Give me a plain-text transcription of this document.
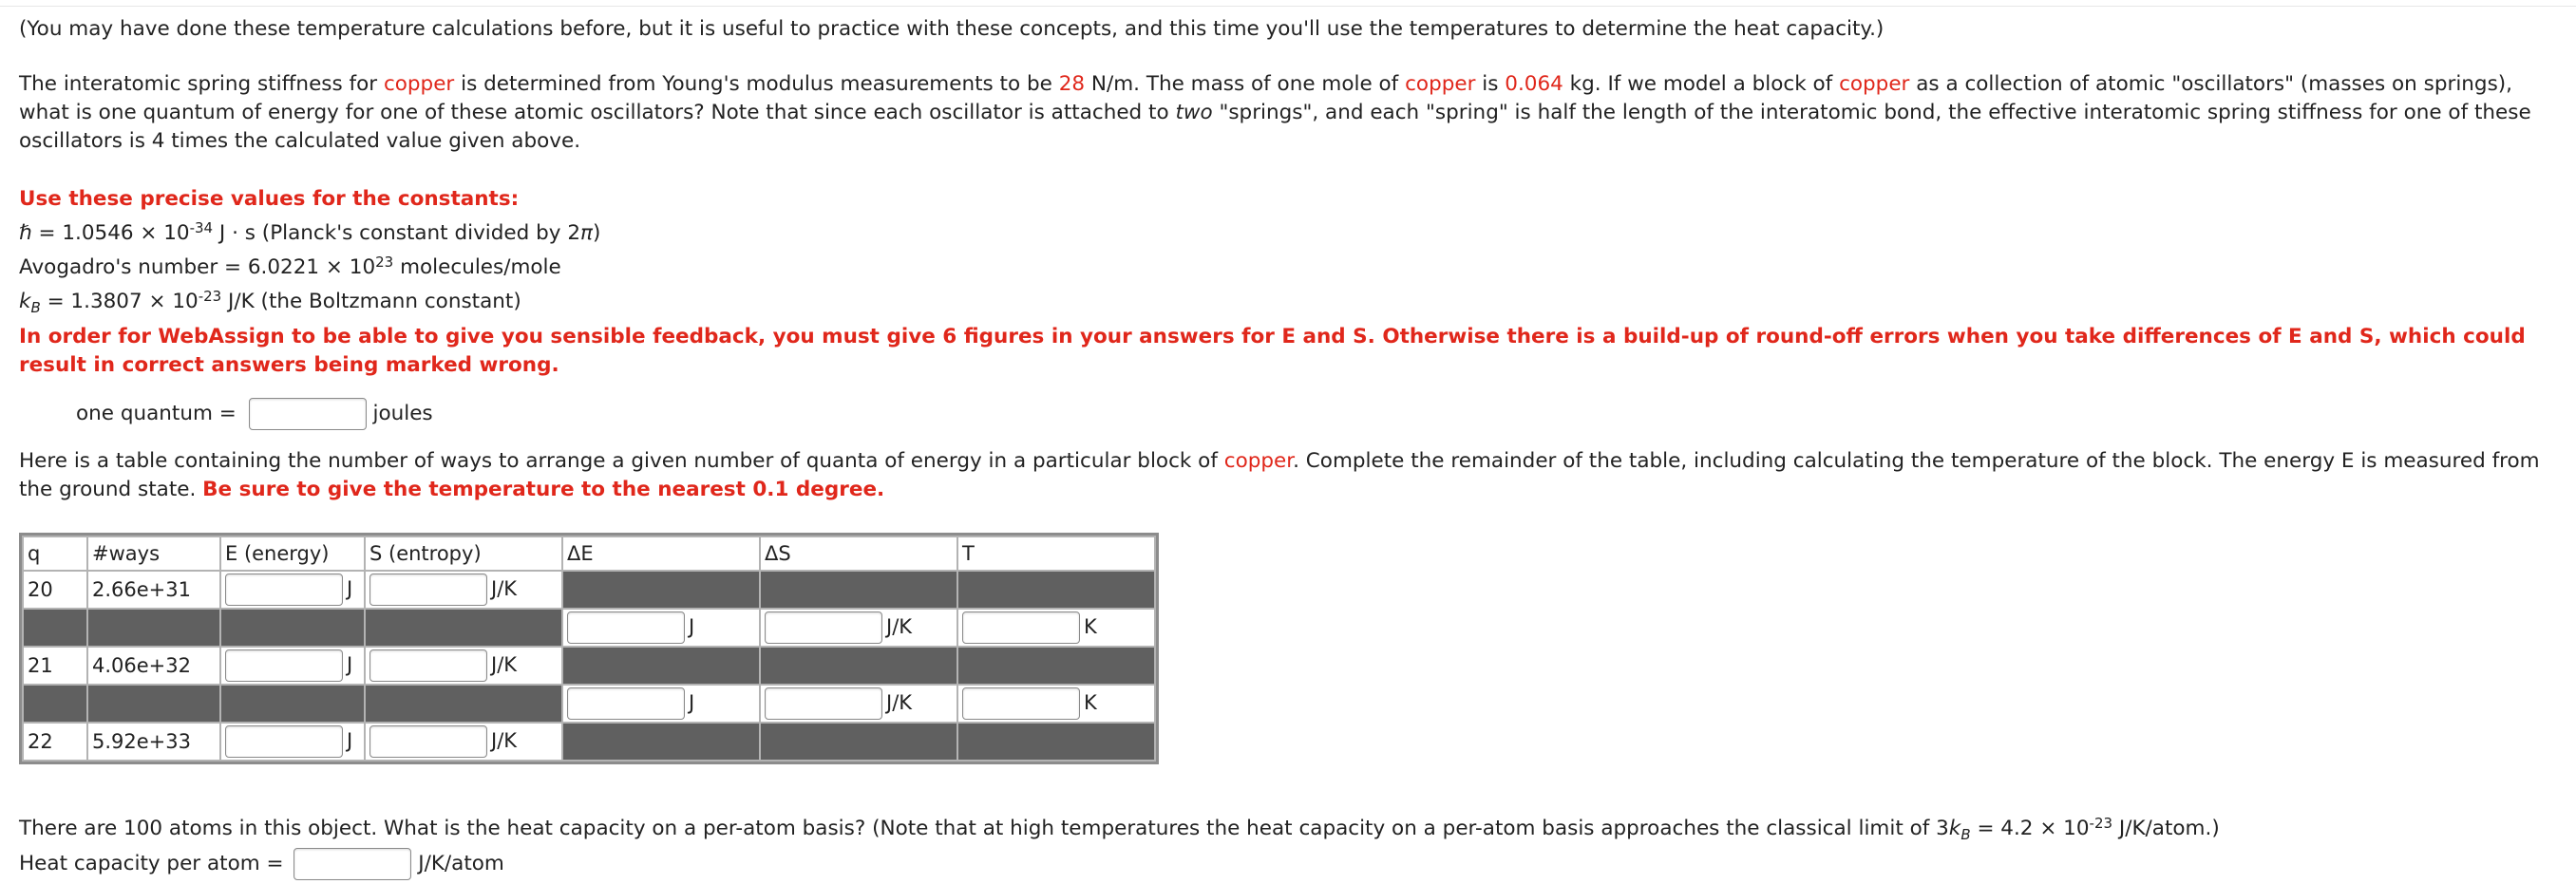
(You may have done these temperature calculations before, but it is useful to practice with these concepts, and this time you'll use the temperatures to determine the heat capacity.)
The interatomic spring stiffness for copper is determined from Young's modulus measurements to be 28 N/m. The mass of one mole of copper is 0.064 kg. If we model a block of copper as a collection of atomic "oscillators" (masses on springs), what is one quantum of energy for one of these atomic oscillators? Note that since each oscillator is attached to two "springs", and each "spring" is half the length of the interatomic bond, the effective interatomic spring stiffness for one of these oscillators is 4 times the calculated value given above.
Use these precise values for the constants:
ℏ = $1.0546 \times 10^{-34}$ J · s (Planck's constant divided by 2π)
Avogadro's number = $6.0221 \times 10^{23}$ molecules/mole
$k_B = 1.3807 \times 10^{-23}$ J/K (the Boltzmann constant)
In order for WebAssign to be able to give you sensible feedback, you must give 6 figures in your answers for E and S. Otherwise there is a build-up of round-off errors when you take differences of E and S, which could result in correct answers being marked wrong.
one quantum =	joules
Here is a table containing the number of ways to arrange a given number of quanta of energy in a particular block of copper. Complete the remainder of the table, including calculating the temperature of the block. The energy E is measured from the ground state. Be sure to give the temperature to the nearest 0.1 degree.
q	#ways	E (energy)	S (entropy)	ΔE	ΔS	T
20	2.66e+31	J	J/K			
				J	J/K	K
21	4.06e+32	J	J/K			
				J	J/K	K
22	5.92e+33	J	J/K			
There are 100 atoms in this object. What is the heat capacity on a per-atom basis? (Note that at high temperatures the heat capacity on a per-atom basis approaches the classical limit of $3k_B = 4.2 \times 10^{-23}$ J/K/atom.)
Heat capacity per atom =	J/K/atom
